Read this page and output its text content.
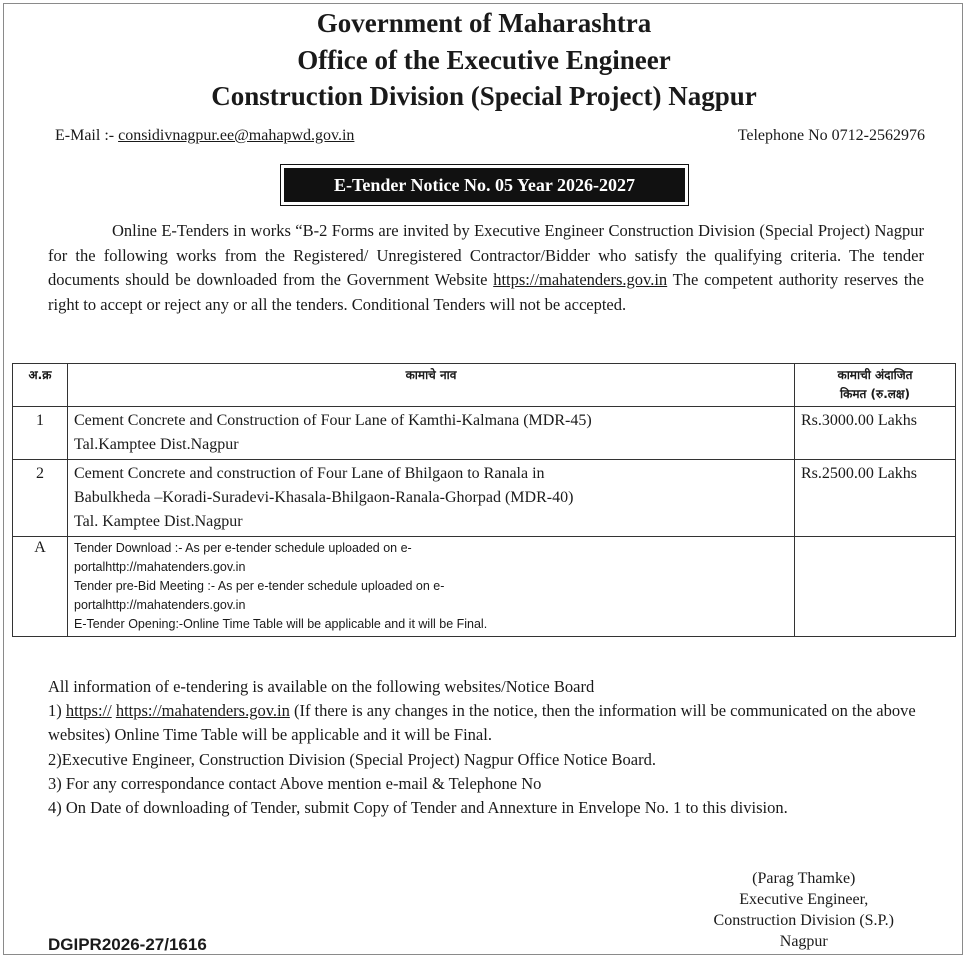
Government of Maharashtra
Office of the Executive Engineer
Construction Division (Special Project) Nagpur
E-Mail :- considivnagpur.ee@mahapwd.gov.in	Telephone No 0712-2562976
E-Tender Notice No. 05 Year 2026-2027

Online E-Tenders in works “B-2 Forms are invited by Executive Engineer Construction Division (Special Project) Nagpur for the following works from the Registered/ Unregistered Contractor/Bidder who satisfy the qualifying criteria. The tender documents should be downloaded from the Government Website https://mahatenders.gov.in The competent authority reserves the right to accept or reject any or all the tenders. Conditional Tenders will not be accepted.

अ.क्र	कामाचे नाव	कामाची अंदाजित
किमत (रु.लक्ष)
1	Cement Concrete and Construction of Four Lane of Kamthi-Kalmana (MDR-45)
Tal.Kamptee Dist.Nagpur	Rs.3000.00 Lakhs
2	Cement Concrete and construction of Four Lane of Bhilgaon to Ranala in
Babulkheda –Koradi-Suradevi-Khasala-Bhilgaon-Ranala-Ghorpad (MDR-40)
Tal. Kamptee Dist.Nagpur	Rs.2500.00 Lakhs
A	Tender Download :- As per e-tender schedule uploaded on e-
portalhttp://mahatenders.gov.in
Tender pre-Bid Meeting :- As per e-tender schedule uploaded on e-
portalhttp://mahatenders.gov.in
E-Tender Opening:-Online Time Table will be applicable and it will be Final.	

All information of e-tendering is available on the following websites/Notice Board

1) https:// https://mahatenders.gov.in (If there is any changes in the notice, then the information will be communicated on the above websites) Online Time Table will be applicable and it will be Final.

2)Executive Engineer, Construction Division (Special Project) Nagpur Office Notice Board.

3) For any correspondance contact Above mention e-mail & Telephone No

4) On Date of downloading of Tender, submit Copy of Tender and Annexture in Envelope No. 1 to this division.

(Parag Thamke)
Executive Engineer,
Construction Division (S.P.)
Nagpur
DGIPR2026-27/1616
